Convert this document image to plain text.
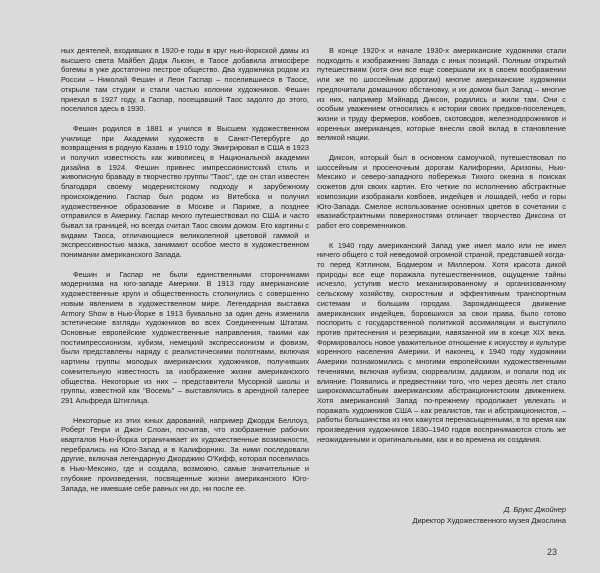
ных деятелей, входивших в 1920-е годы в круг нью-йоркской дамы из высшего света Майбел Додж Льюэн, в Таосе добавила атмосфере богемы в уже достаточно пестрое общество. Два художника родом из России – Николай Фешин и Леон Гаспар – поселившиеся в Таосе, открыли там студии и стали частью колонии художников. Фешин приехал в 1927 году, а Гаспар, посещавший Таос задолго до этого, поселился здесь в 1930.

Фешин родился в 1881 и учился в Высшем художественном училище при Академии художеств в Санкт-Петербурге до возвращения в родную Казань в 1910 году. Эмигрировал в США в 1923 и получил известность как живописец в Национальной академии дизайна в 1924. Фешин привнес импрессионистский стиль и живописную бравадy в творчество группы "Таос", где он стал известен благодаря своему модернистскому подходу и зарубежному происхождению. Гаспар был родом из Витебска и получил художественное образование в Москве и Париже, а позднее отправился в Америку. Гаспар много путешествовал по США и часто бывал за границей, но всегда считал Таос своим домом. Его картины с видами Таоса, отличающиеся великолепной цветовой гаммой и экспрессивностью мазка, занимают особое место в художественном понимании американского Запада.

Фешин и Гаспар не были единственными сторонниками модернизма на юго-западе Америки. В 1913 году американские художественные круги и общественность столкнулись с совершенно новым явлением в художественном мире. Легендарная выставка Armory Show в Нью-Йорке в 1913 буквально за один день изменила эстетические взгляды художников во всех Соединенным Штатам. Основные европейские художественные направления, такими как постимпрессионизм, кубизм, немецкий экспрессионизм и фовизм, были представлены наряду с реалистическими полотнами, включая картины группы молодых американских художников, получивших сомнительную известность за изображение жизни американского общества. Некоторые из них – представители Мусорной школы и группы, известной как "Восемь" – выставлялись в арендной галерее 291 Альфреда Штиглица.

Некоторые из этих юных дарований, например Джордж Беллоуз, Роберт Генри и Джон Слоан, посчитав, что изображение рабочих кварталов Нью-Йорка ограничивает их художественные возможности, перебрались на Юго-Запад и в Калифорнию. За ними последовали другие, включая легендарную Джорджию О'Кифф, которая поселилась в Нью-Мексико, где и создала, возможно, самые значительные и глубокие произведения, посвященные жизни американского Юго-Запада, не имевшие себе равных ни до, ни после ее.

В конце 1920-х и начале 1930-х американские художники стали подходить к изображению Запада с иных позиций. Полным открытий путешествиям (хотя они все еще совершали их в своем воображении или же по шоссейным дорогам) многие американские художники предпочитали домашнюю обстановку, и их домом был Запад – многие из них, например Мэйнард Диксон, родились и жили там. Они с особым уважением относились к истории своих предков-поселенцев, жизни и труду фермеров, ковбоев, скотоводов, железнодорожников и коренных американцев, которые внесли свой вклад в становление великой нации.

Диксон, который был в основном самоучкой, путешествовал по шоссейным и просеночным дорогам Калифорнии, Аризоны, Нью-Мексико и северо-западного побережья Тихого океана в поисках сюжетов для своих картин. Его четкие по исполнению абстрактные композиции изображали ковбоев, индейцев и лошадей, небо и горы Юго-Запада. Смелое использование основных цветов в сочетании с квазиабстрактными поверхностями отличает творчество Диксона от работ его современников.

К 1940 году американский Запад уже имел мало или не имел ничего общего с той неведомой огромной страной, представшей когда-то перед Кэтлином, Бодмером и Миллером. Хотя красота дикой природы все еще поражала путешественников, ощущение тайны исчезло, уступив место механизированному и организованному сельскому хозяйству, скоростным и эффективным транспортным системам и большим городам. Зарождающееся движение американских индейцев, боровшихся за свои права, было готово поспорить с государственной политикой ассимиляции и выступило против притеснения и резервации, навязанной им в конце XIX века. Формировалось новое уважительное отношение к искусству и культуре коренного населения Америки. И наконец, к 1940 году художники Америки познакомились с многими европейскими художественными течениями, включая кубизм, сюрреализм, дадаизм, и попали под их влияние. Появились и предвестники того, что через десять лет стало широкомасштабным американским абстракционистским движением. Хотя американский Запад по-прежнему продолжает увлекать и поражать художников США – как реалистов, так и абстракционистов, – работы большинства из них кажутся перенасыщенными, в то время как произведения художников 1830–1940 годов воспринимаются столь же неожиданными и оригинальными, как и во времена их создания.

Д. Брукс Джойнер
Директор Художественного музея Джослина
23
